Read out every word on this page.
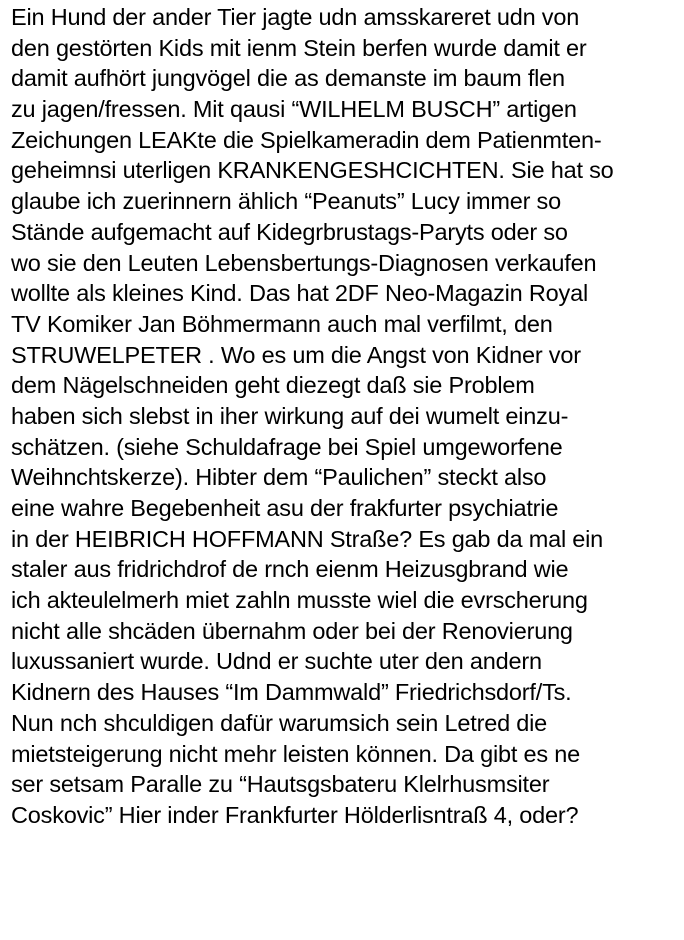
Ein Hund der ander Tier jagte udn amsskareret udn von
den gestörten Kids mit ienm Stein berfen wurde damit er
damit aufhört jungvögel die as demanste im baum flen
zu jagen/fressen. Mit qausi “WILHELM BUSCH” artigen
Zeichungen LEAKte die Spielkameradin dem Patienmten-
geheimnsi uterligen KRANKENGESHCICHTEN. Sie hat so
glaube ich zuerinnern ählich “Peanuts” Lucy immer so
Stände aufgemacht auf Kidegrbrustags-Paryts oder so
wo sie den Leuten Lebensbertungs-Diagnosen verkaufen
wollte als kleines Kind. Das hat 2DF Neo-Magazin Royal
TV Komiker Jan Böhmermann auch mal verfilmt, den
STRUWELPETER . Wo es um die Angst von Kidner vor
dem Nägelschneiden geht diezegt daß sie Problem
haben sich slebst in iher wirkung auf dei wumelt einzu-
schätzen. (siehe Schuldafrage bei Spiel umgeworfene
Weihnchtskerze). Hibter dem “Paulichen” steckt also
eine wahre Begebenheit asu der frakfurter psychiatrie
in der HEIBRICH HOFFMANN Straße? Es gab da mal ein
staler aus fridrichdrof de rnch eienm Heizusgbrand wie
ich akteulelmerh miet zahln musste wiel die evrscherung
nicht alle shcäden übernahm oder bei der Renovierung
luxussaniert wurde. Udnd er suchte uter den andern
Kidnern des Hauses “Im Dammwald” Friedrichsdorf/Ts.
Nun nch shculdigen dafür warumsich sein Letred die
mietsteigerung nicht mehr leisten können. Da gibt es ne
ser setsam Paralle zu “Hautsgsbateru Klelrhusmsiter
Coskovic” Hier inder Frankfurter Hölderlisntraß 4, oder?
